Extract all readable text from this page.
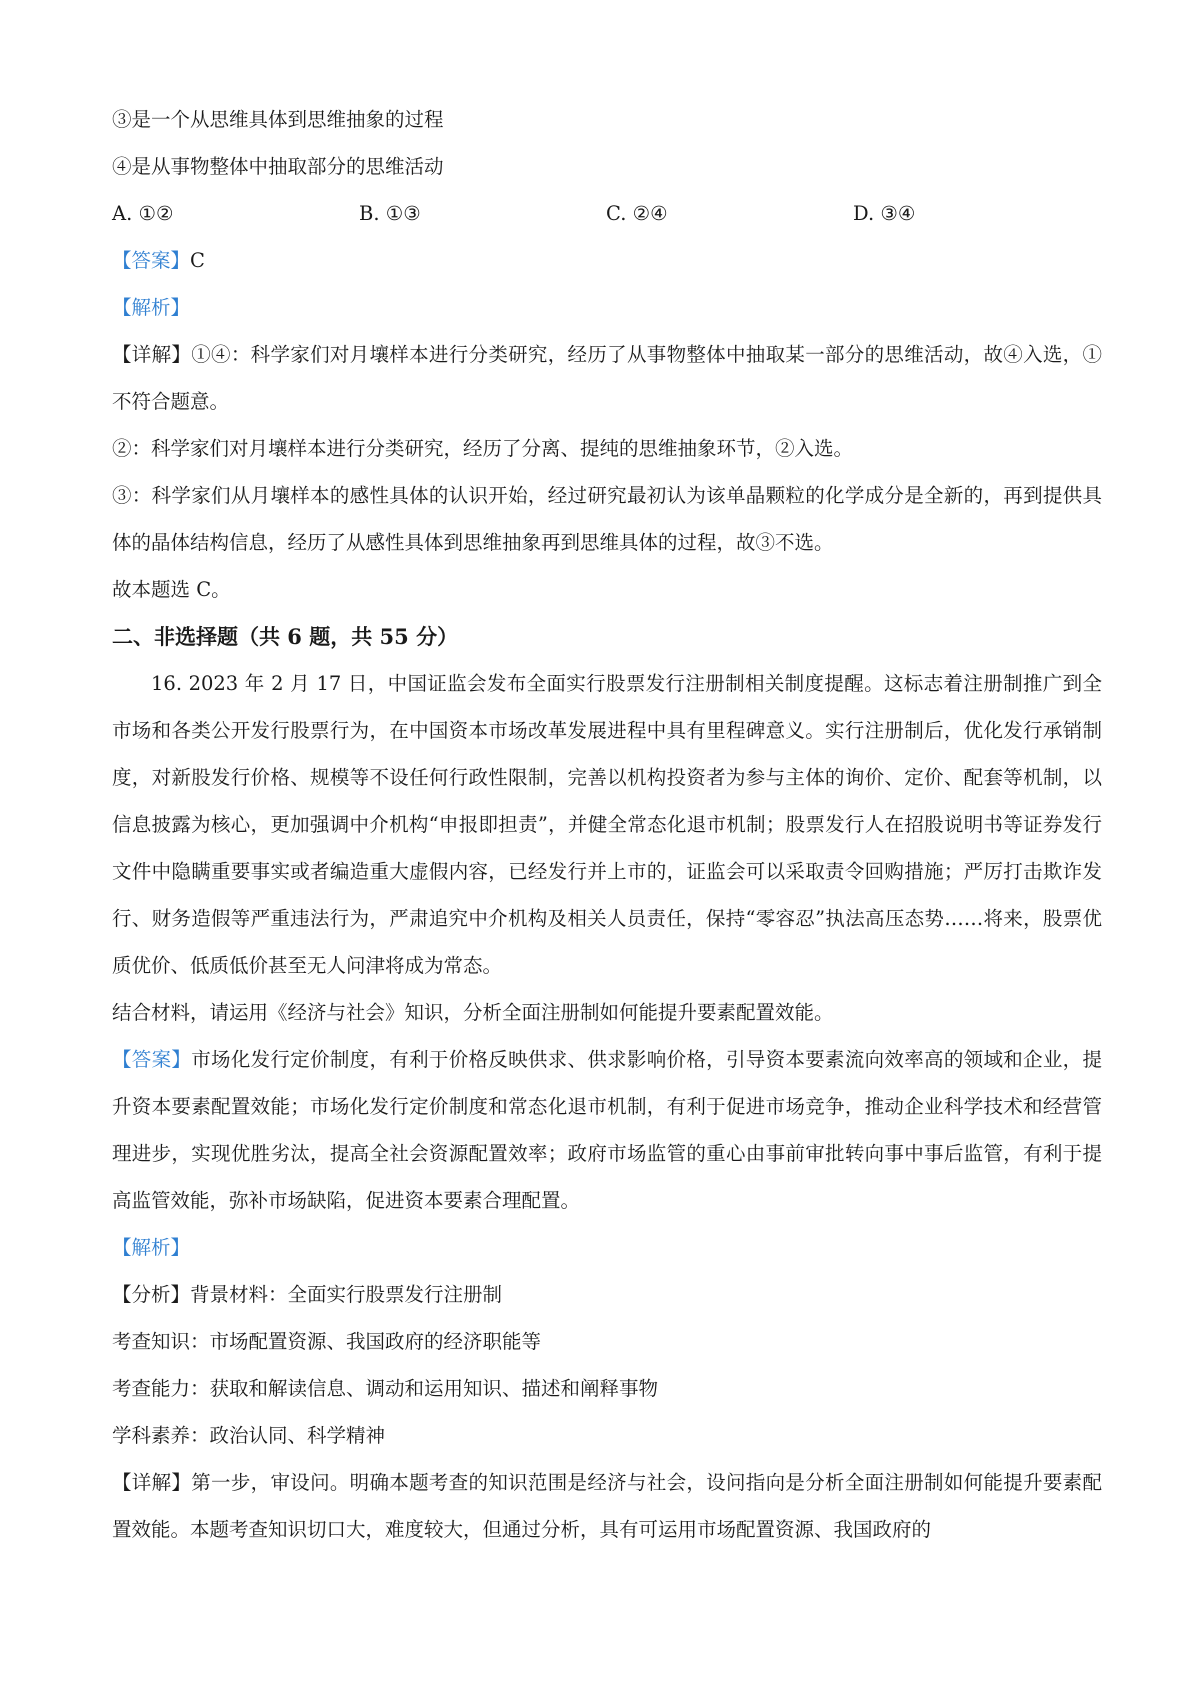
③是一个从思维具体到思维抽象的过程
④是从事物整体中抽取部分的思维活动
A. ①②	B. ①③	C. ②④	D. ③④
【答案】C
【解析】
【详解】①④：科学家们对月壤样本进行分类研究，经历了从事物整体中抽取某一部分的思维活动，故④入选，①不符合题意。
②：科学家们对月壤样本进行分类研究，经历了分离、提纯的思维抽象环节，②入选。
③：科学家们从月壤样本的感性具体的认识开始，经过研究最初认为该单晶颗粒的化学成分是全新的，再到提供具体的晶体结构信息，经历了从感性具体到思维抽象再到思维具体的过程，故③不选。
故本题选 C。
二、非选择题（共 6 题，共 55 分）
16. 2023 年 2 月 17 日，中国证监会发布全面实行股票发行注册制相关制度提醒。这标志着注册制推广到全市场和各类公开发行股票行为，在中国资本市场改革发展进程中具有里程碑意义。实行注册制后，优化发行承销制度，对新股发行价格、规模等不设任何行政性限制，完善以机构投资者为参与主体的询价、定价、配套等机制，以信息披露为核心，更加强调中介机构“申报即担责”，并健全常态化退市机制；股票发行人在招股说明书等证券发行文件中隐瞒重要事实或者编造重大虚假内容，已经发行并上市的，证监会可以采取责令回购措施；严厉打击欺诈发行、财务造假等严重违法行为，严肃追究中介机构及相关人员责任，保持“零容忍”执法高压态势……将来，股票优质优价、低质低价甚至无人问津将成为常态。
结合材料，请运用《经济与社会》知识，分析全面注册制如何能提升要素配置效能。
【答案】市场化发行定价制度，有利于价格反映供求、供求影响价格，引导资本要素流向效率高的领域和企业，提升资本要素配置效能；市场化发行定价制度和常态化退市机制，有利于促进市场竞争，推动企业科学技术和经营管理进步，实现优胜劣汰，提高全社会资源配置效率；政府市场监管的重心由事前审批转向事中事后监管，有利于提高监管效能，弥补市场缺陷，促进资本要素合理配置。
【解析】
【分析】背景材料：全面实行股票发行注册制
考查知识：市场配置资源、我国政府的经济职能等
考查能力：获取和解读信息、调动和运用知识、描述和阐释事物
学科素养：政治认同、科学精神
【详解】第一步，审设问。明确本题考查的知识范围是经济与社会，设问指向是分析全面注册制如何能提升要素配置效能。本题考查知识切口大，难度较大，但通过分析，具有可运用市场配置资源、我国政府的
